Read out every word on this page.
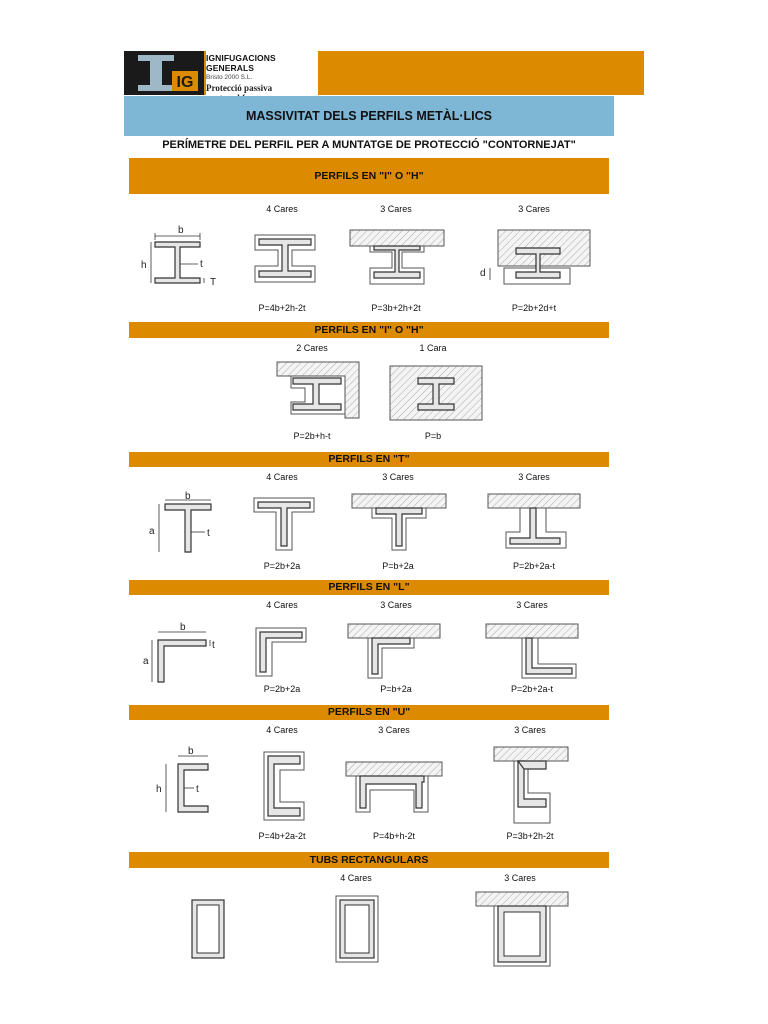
IG
IGNIFUGACIONS GENERALS
Bristo 2000 S.L.
Protecció passiva
MASSIVITAT DELS PERFILS METÀL·LICS
PERÍMETRE DEL PERFIL PER A MUNTATGE DE PROTECCIÓ "CONTORNEJAT"
PERFILS EN "I" O "H"
4 Cares	3 Cares	3 Cares
b
h	t
T
d
P=4b+2h-2t	P=3b+2h+2t	P=2b+2d+t
PERFILS EN "I" O "H"
2 Cares	1 Cara
P=2b+h-t	P=b
PERFILS EN "T"
4 Cares	3 Cares	3 Cares
b
a	t
P=2b+2a	P=b+2a	P=2b+2a-t
PERFILS EN "L"
4 Cares	3 Cares	3 Cares
b
a
t
P=2b+2a	P=b+2a	P=2b+2a-t
PERFILS EN "U"
4 Cares	3 Cares	3 Cares
b
h	t
P=4b+2a-2t	P=4b+h-2t	P=3b+2h-2t
TUBS RECTANGULARS
4 Cares	3 Cares
